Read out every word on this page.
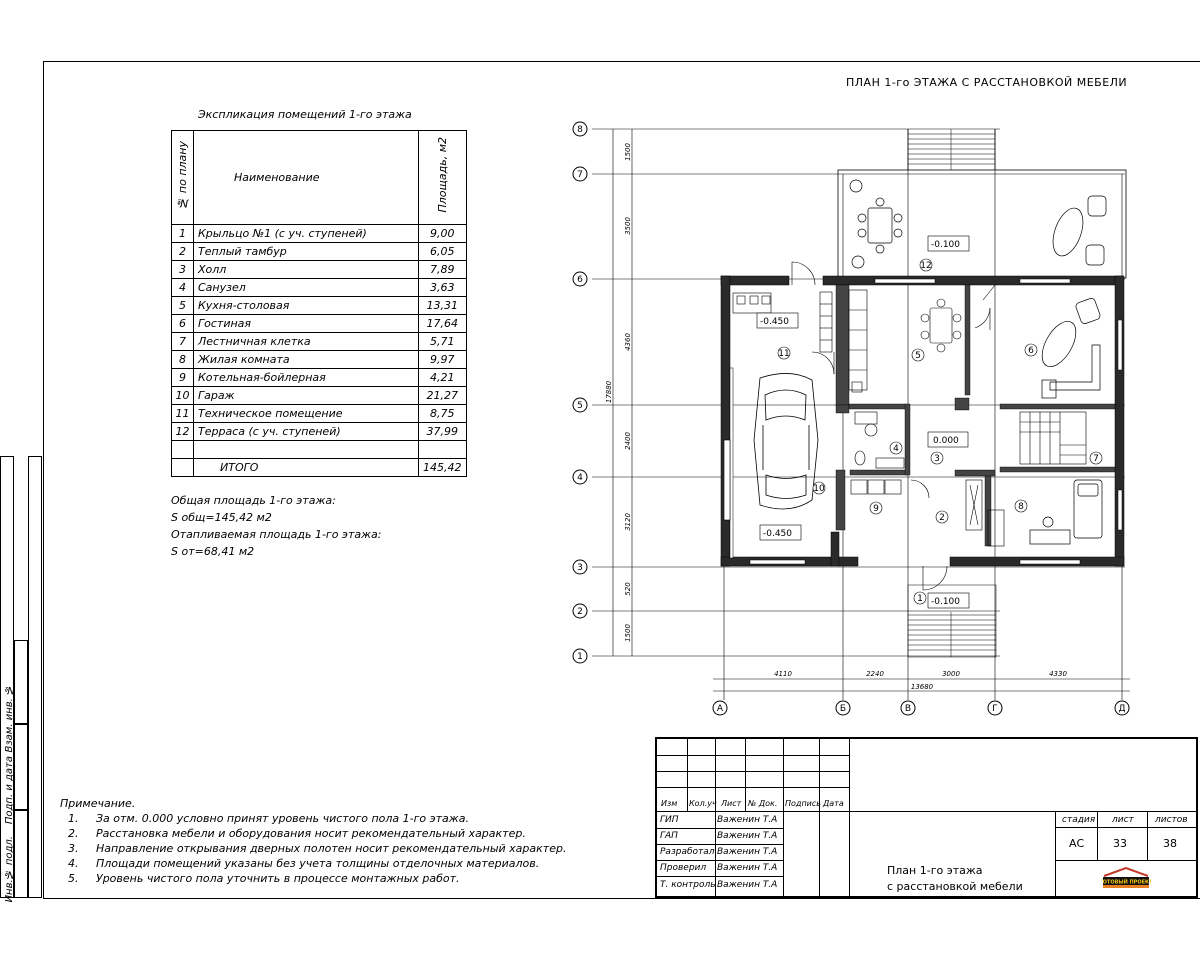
Взам. инв. №
Подп. и дата
Инв.№ подл.
Экспликация помещений 1-го этажа
№ по плану	Наименование	Площадь, м2
1	Крыльцо №1 (с уч. ступеней)	9,00
2	Теплый тамбур	6,05
3	Холл	7,89
4	Санузел	3,63
5	Кухня-столовая	13,31
6	Гостиная	17,64
7	Лестничная клетка	5,71
8	Жилая комната	9,97
9	Котельная-бойлерная	4,21
10	Гараж	21,27
11	Техническое помещение	8,75
12	Терраса (с уч. ступеней)	37,99

	ИТОГО	145,42
Общая площадь 1-го этажа:
S общ=145,42 м2
Отапливаемая площадь 1-го этажа:
S от=68,41 м2
Примечание.
1. За отм. 0.000 условно принят уровень чистого пола 1-го этажа.
2. Расстановка мебели и оборудования носит рекомендательный характер.
3. Направление открывания дверных полотен носит рекомендательный характер.
4. Площади помещений указаны без учета толщины отделочных материалов.
5. Уровень чистого пола уточнить в процессе монтажных работ.
ПЛАН 1-го ЭТАЖА С РАССТАНОВКОЙ МЕБЕЛИ
1500
3500
4360
2400
3120
520
1500
17880
4110	2240	3000	4330
13680
8
7
6
5
4
3
2
1
А	Б	В	Г	Д
-0.450
-0.100
0.000
-0.450
-0.100
1
2
3
4
5	6
7
8
9
10
11
12
Изм Кол.уч Лист № Док. Подпись Дата
ГИП	Важенин Т.А
ГАП	Важенин Т.А
Разработал Важенин Т.А
Проверил Важенин Т.А
Т. контроль Важенин Т.А
стадия лист листов
АС	33	38
План 1-го этажа
с расстановкой мебели	ГОТОВЫЙ ПРОЕКТ
